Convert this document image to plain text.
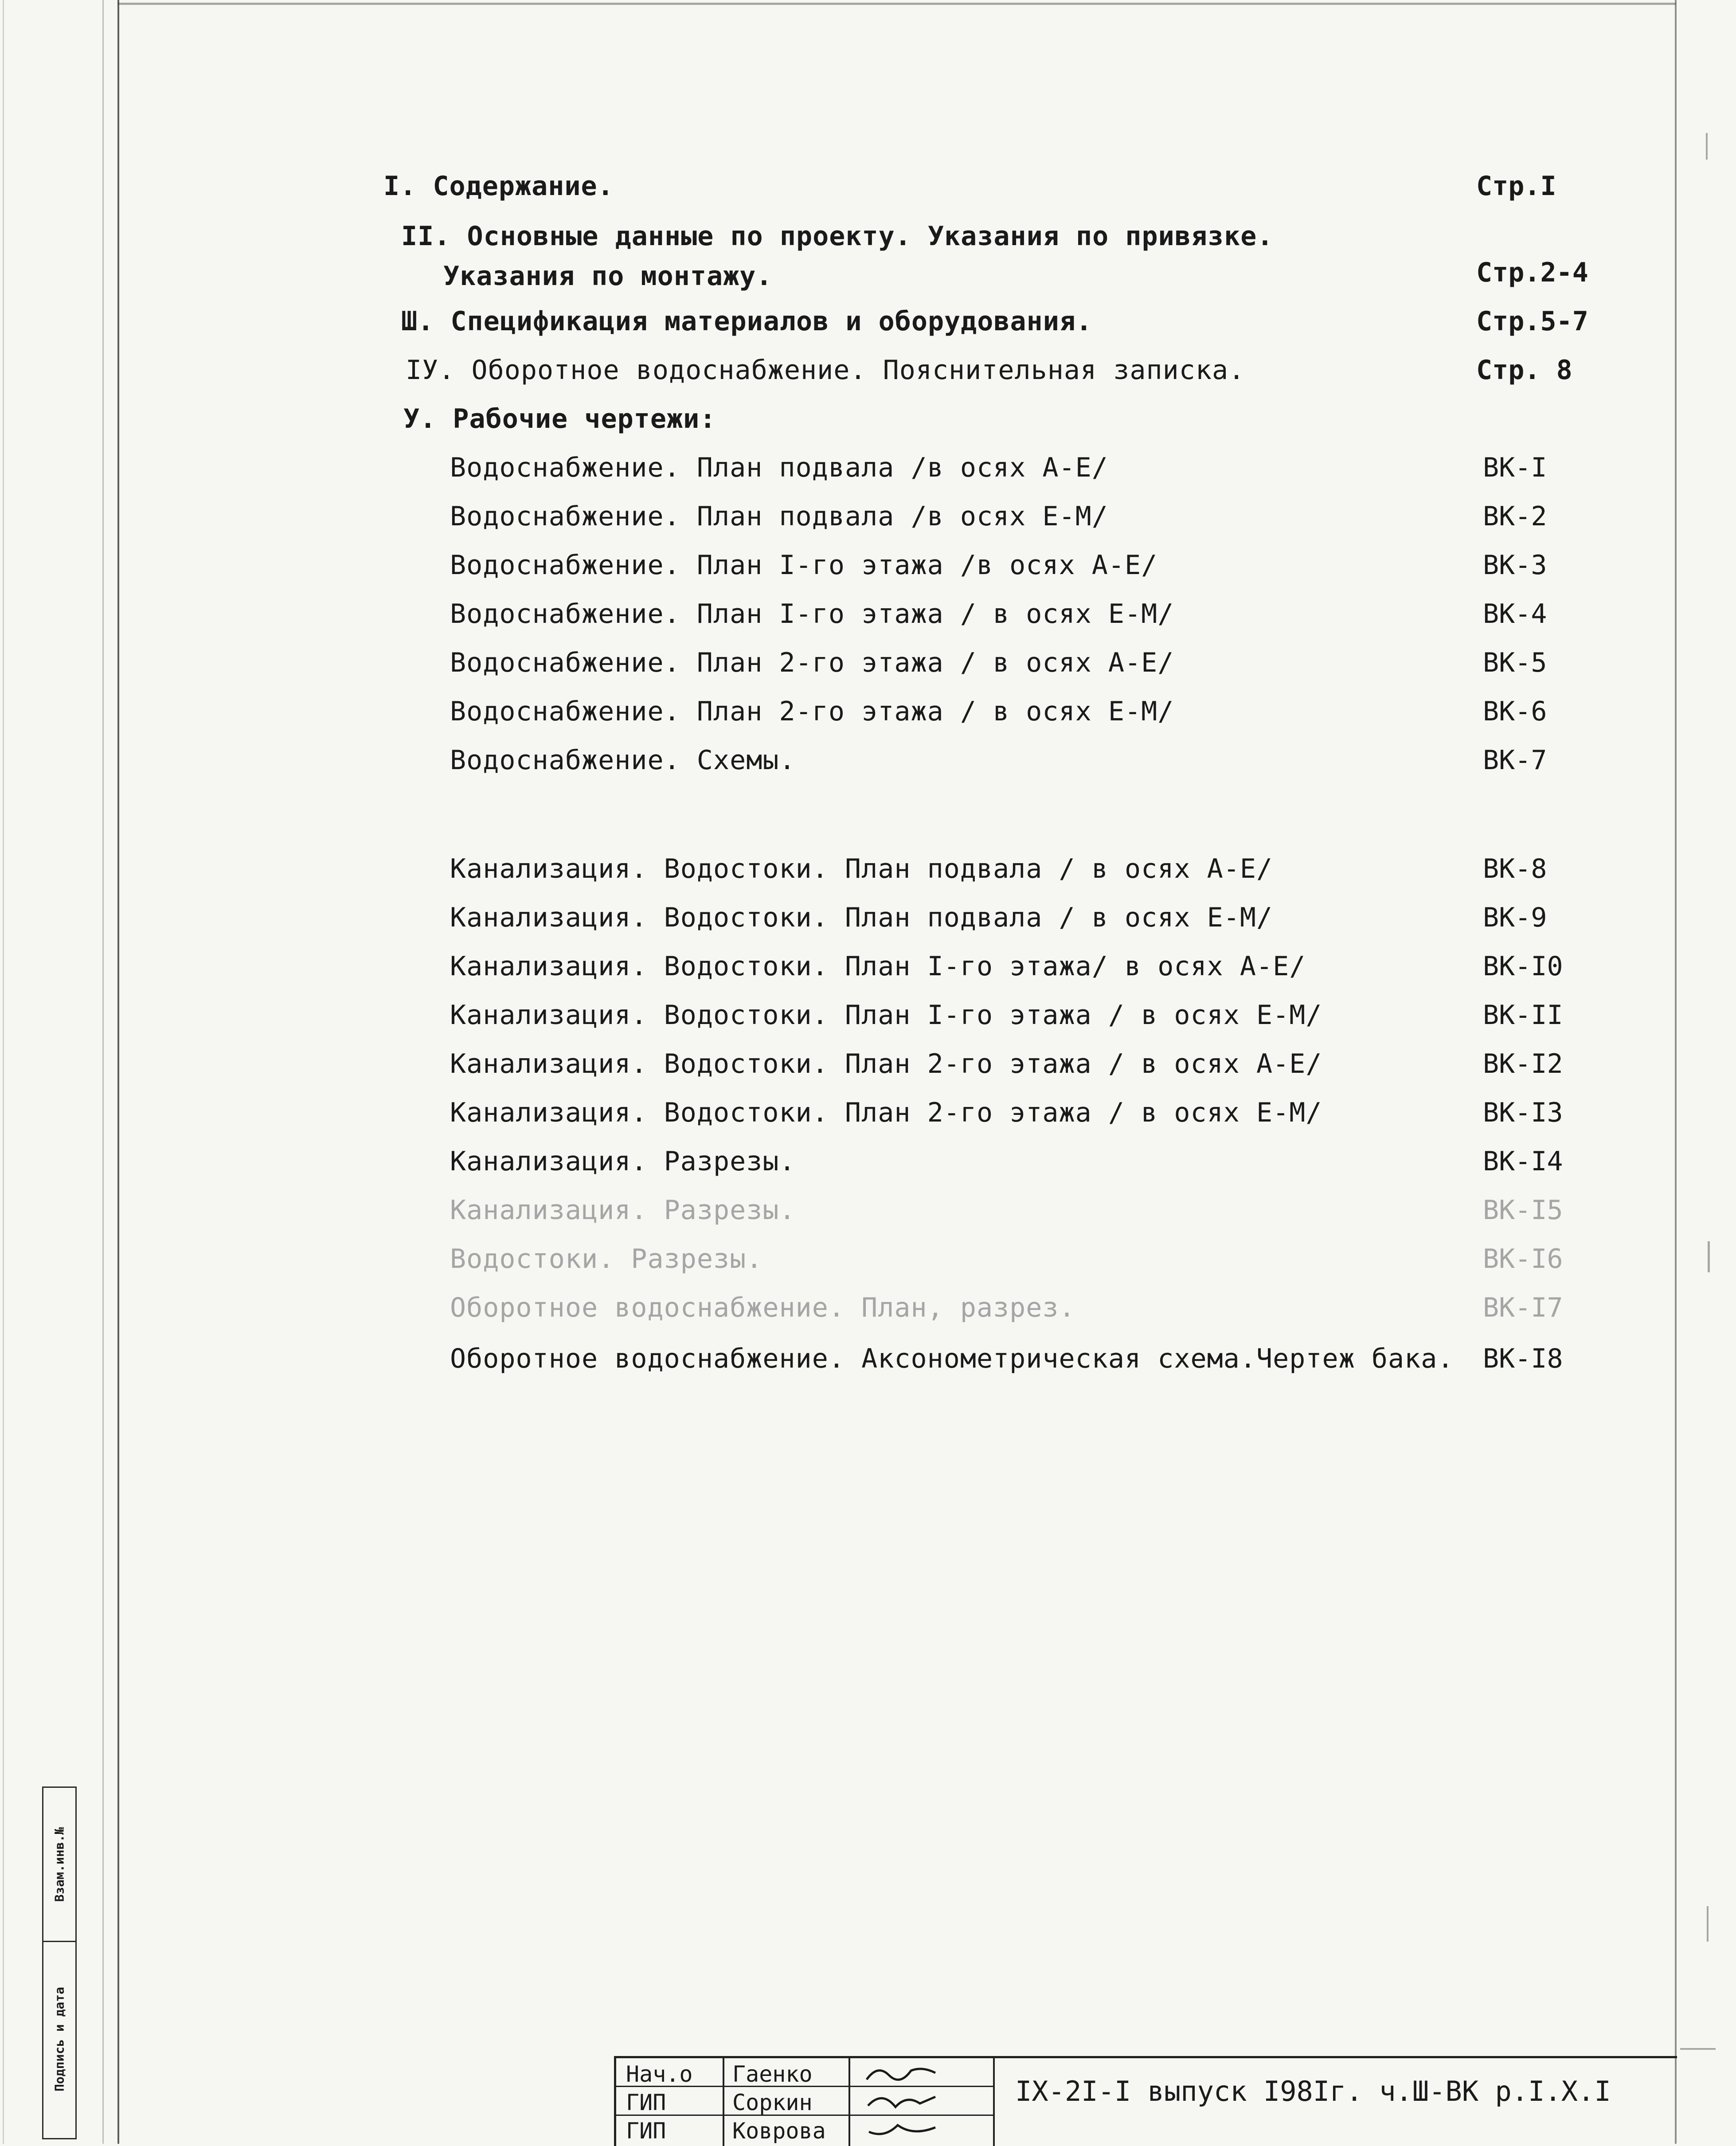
I. Содержание.	Стр.I
II. Основные данные по проекту. Указания по привязке.
Указания по монтажу.	Стр.2-4
Ш. Спецификация материалов и оборудования.	Стр.5-7
IУ. Оборотное водоснабжение. Пояснительная записка.	Стр. 8
У. Рабочие чертежи:
Водоснабжение. План подвала /в осях А-Е/	ВК-I
Водоснабжение. План подвала /в осях Е-М/	ВК-2
Водоснабжение. План I-го этажа /в осях А-Е/	ВК-3
Водоснабжение. План I-го этажа / в осях Е-М/	ВК-4
Водоснабжение. План 2-го этажа / в осях А-Е/	ВК-5
Водоснабжение. План 2-го этажа / в осях Е-М/	ВК-6
Водоснабжение. Схемы.	ВК-7
Канализация. Водостоки. План подвала / в осях А-Е/	ВК-8
Канализация. Водостоки. План подвала / в осях Е-М/	ВК-9
Канализация. Водостоки. План I-го этажа/ в осях А-Е/	ВК-I0
Канализация. Водостоки. План I-го этажа / в осях Е-М/	ВК-II
Канализация. Водостоки. План 2-го этажа / в осях А-Е/	ВК-I2
Канализация. Водостоки. План 2-го этажа / в осях Е-М/	ВК-I3
Канализация. Разрезы.	ВК-I4
Канализация. Разрезы.	ВК-I5
Водостоки. Разрезы.	ВК-I6
Оборотное водоснабжение. План, разрез.	ВК-I7
Оборотное водоснабжение. Аксонометрическая схема.Чертеж бака. ВК-I8
Взам.инв.№
Подпись и дата	Нач.о Гаенко
ГИП	Соркин
ГИП	Коврова
IX-2I-I выпуск I98Iг. ч.Ш-ВК р.I.X.I
